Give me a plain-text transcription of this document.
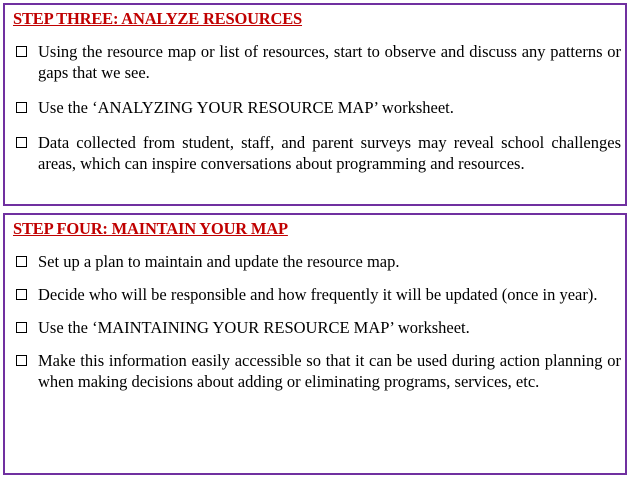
STEP THREE: ANALYZE RESOURCES
Using the resource map or list of resources, start to observe and discuss any patterns or gaps that we see.
Use the ‘ANALYZING YOUR RESOURCE MAP’ worksheet.
Data collected from student, staff, and parent surveys may reveal school challenges areas, which can inspire conversations about programming and resources.
STEP FOUR: MAINTAIN YOUR MAP
Set up a plan to maintain and update the resource map.
Decide who will be responsible and how frequently it will be updated (once in year).
Use the ‘MAINTAINING YOUR RESOURCE MAP’ worksheet.
Make this information easily accessible so that it can be used during action planning or when making decisions about adding or eliminating programs, services, etc.
